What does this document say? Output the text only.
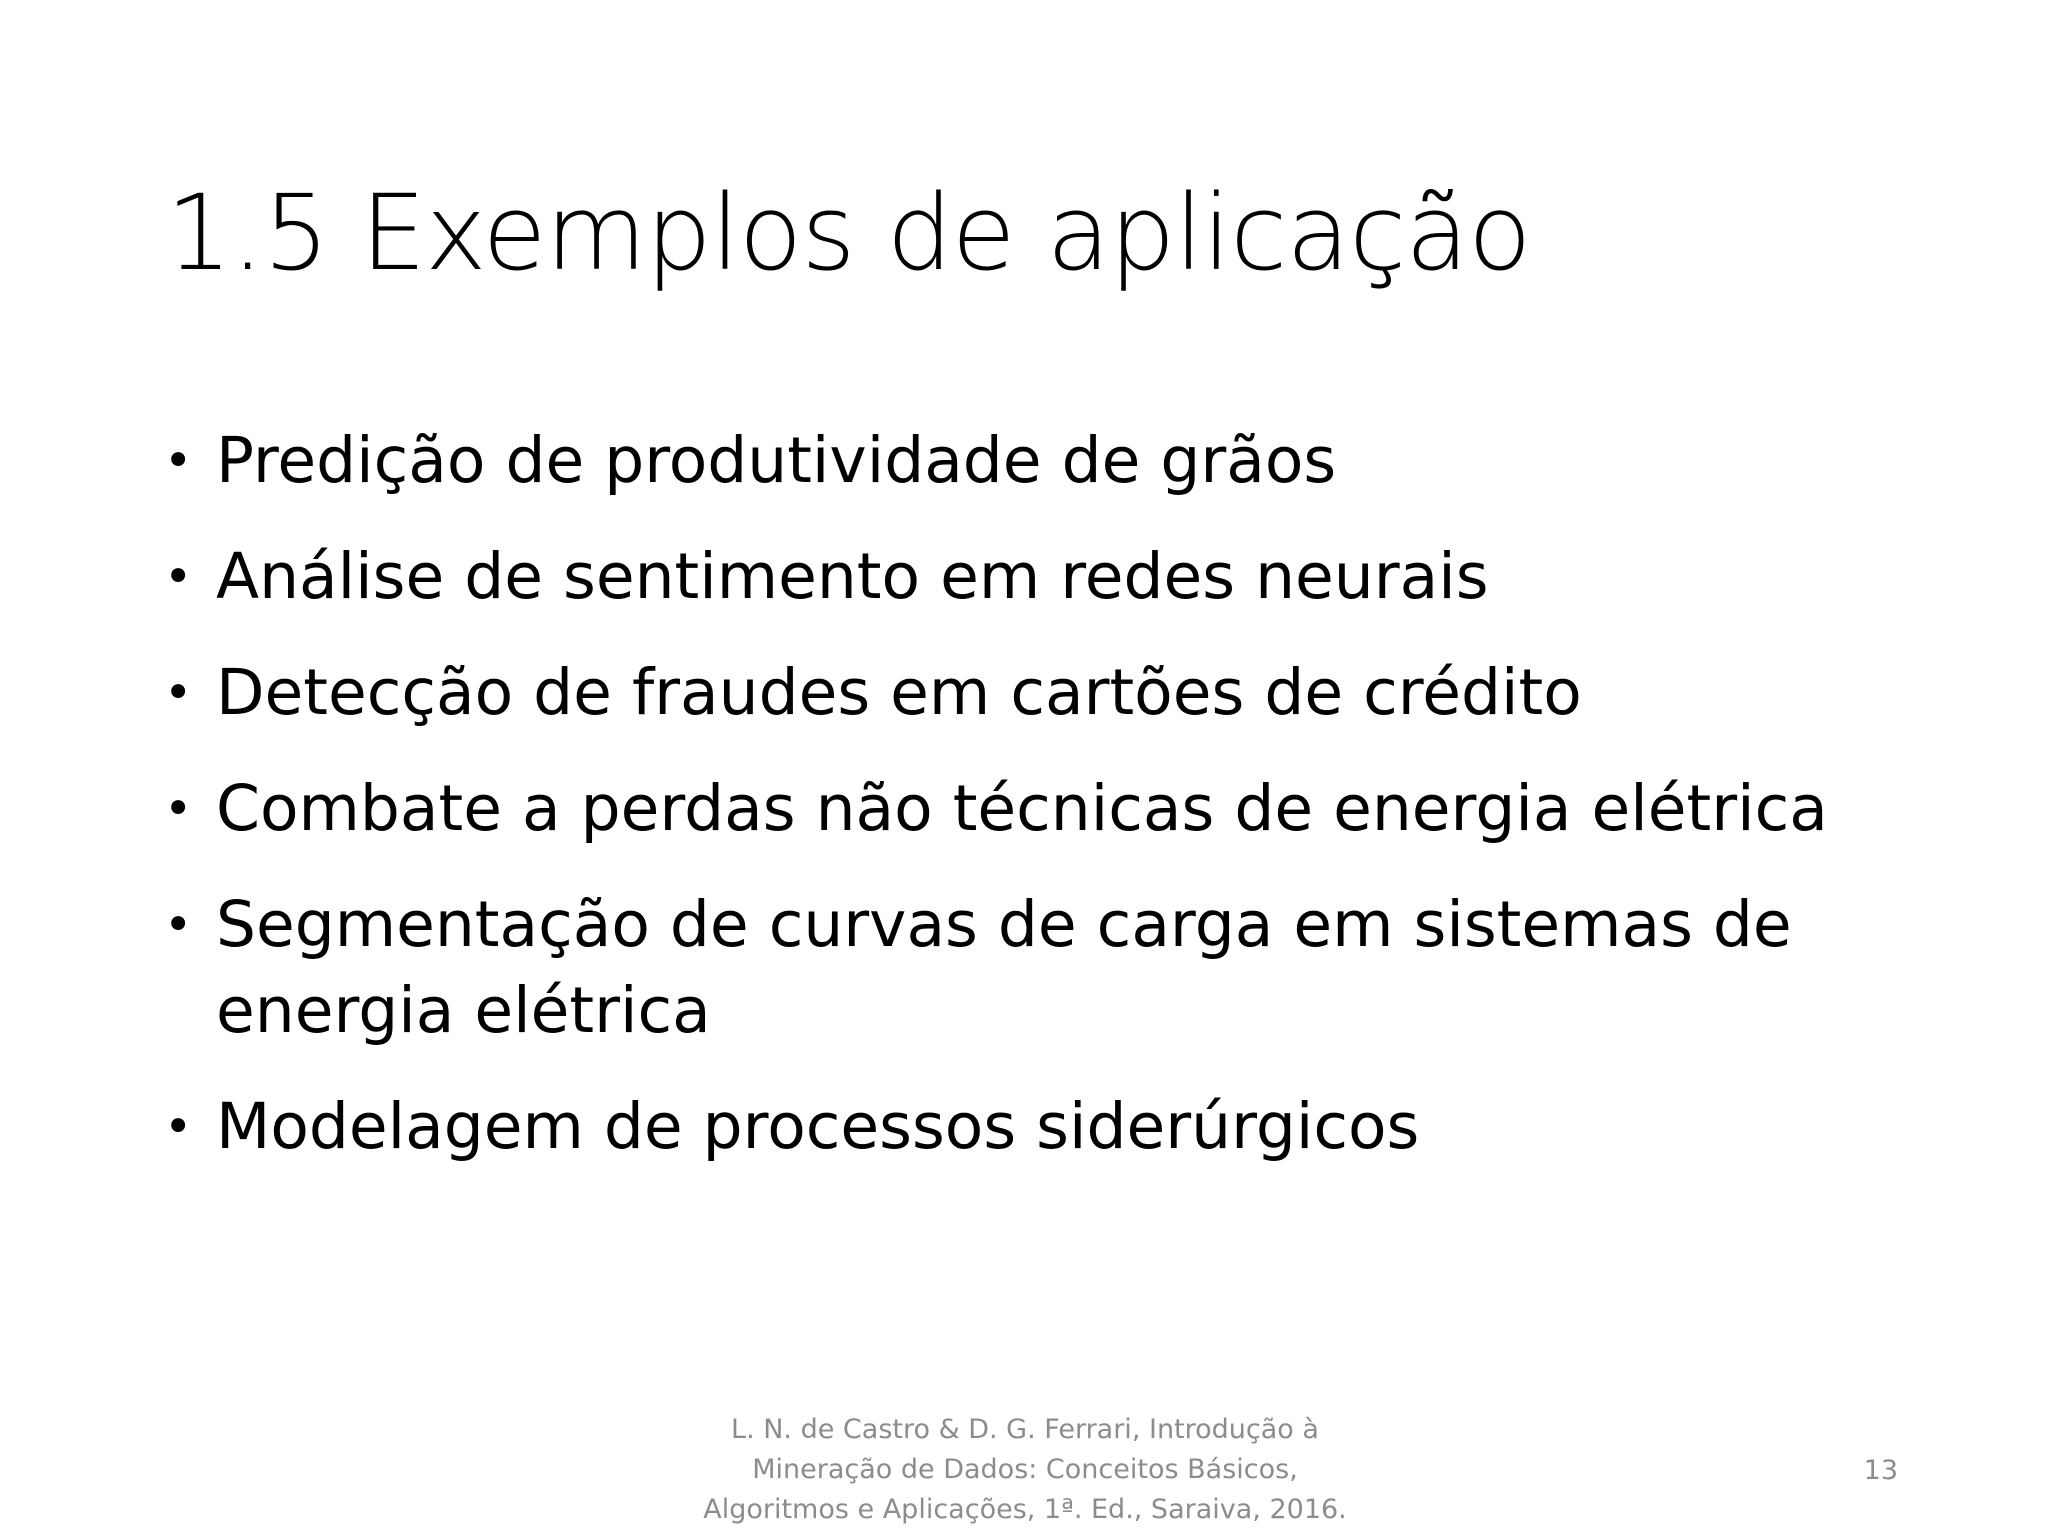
1.5 Exemplos de aplicação
• Predição de produtividade de grãos
• Análise de sentimento em redes neurais
• Detecção de fraudes em cartões de crédito
• Combate a perdas não técnicas de energia elétrica
• Segmentação de curvas de carga em sistemas de energia elétrica
• Modelagem de processos siderúrgicos
L. N. de Castro & D. G. Ferrari, Introdução à
Mineração de Dados: Conceitos Básicos,
Algoritmos e Aplicações, 1ª. Ed., Saraiva, 2016.
13
